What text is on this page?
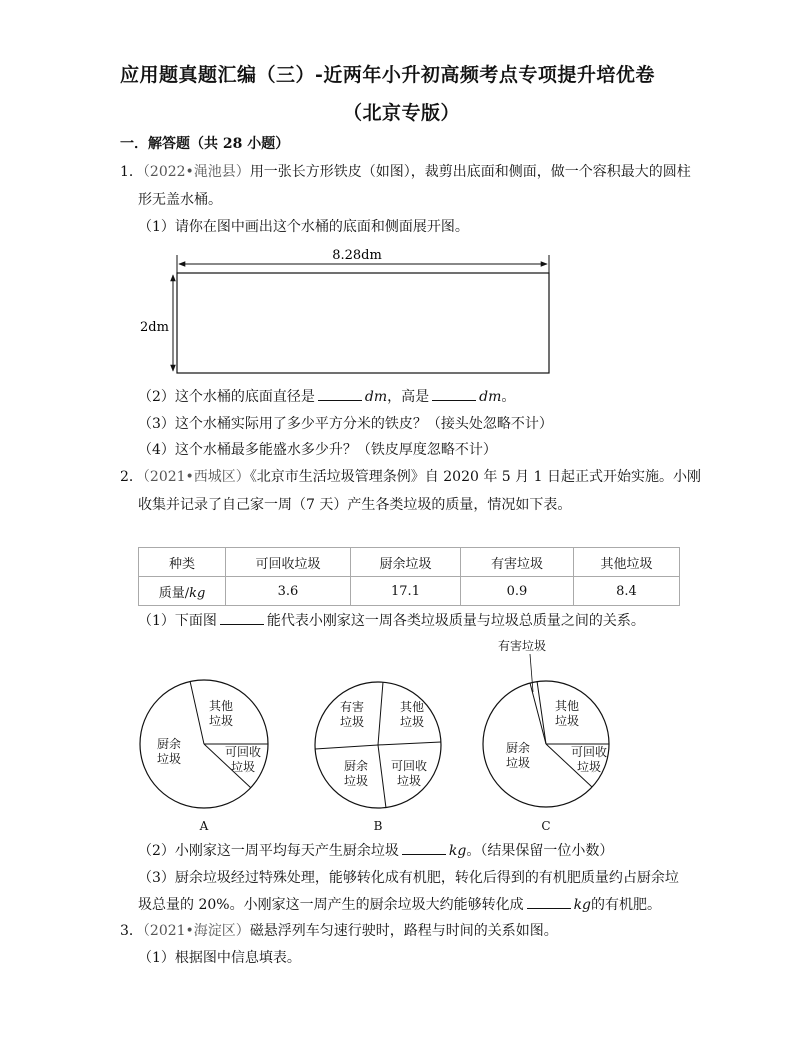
应用题真题汇编（三）-近两年小升初高频考点专项提升培优卷
（北京专版）
一．解答题（共 28 小题）
1．（2022•渑池县）用一张长方形铁皮（如图），裁剪出底面和侧面，做一个容积最大的圆柱
形无盖水桶。
（1）请你在图中画出这个水桶的底面和侧面展开图。
8.28dm
2dm
（2）这个水桶的底面直径是	dm，高是	dm。
（3）这个水桶实际用了多少平方分米的铁皮？（接头处忽略不计）
（4）这个水桶最多能盛水多少升？（铁皮厚度忽略不计）
2．（2021•西城区）《北京市生活垃圾管理条例》自 2020 年 5 月 1 日起正式开始实施。小刚
收集并记录了自己家一周（7 天）产生各类垃圾的质量，情况如下表。
种类	可回收垃圾	厨余垃圾	有害垃圾	其他垃圾
质量/kg	3.6	17.1	0.9	8.4
（1）下面图	能代表小刚家这一周各类垃圾质量与垃圾总质量之间的关系。
其他
垃圾
厨余
垃圾	可回收
垃圾
A
有害
垃圾
其他
垃圾
厨余
垃圾
可回收
垃圾
B
有害垃圾
其他
垃圾
厨余
垃圾
可回收
垃圾
C
（2）小刚家这一周平均每天产生厨余垃圾	kg。（结果保留一位小数）
（3）厨余垃圾经过特殊处理，能够转化成有机肥，转化后得到的有机肥质量约占厨余垃
圾总量的 20%。小刚家这一周产生的厨余垃圾大约能够转化成	kg的有机肥。
3．（2021•海淀区）磁悬浮列车匀速行驶时，路程与时间的关系如图。
（1）根据图中信息填表。
